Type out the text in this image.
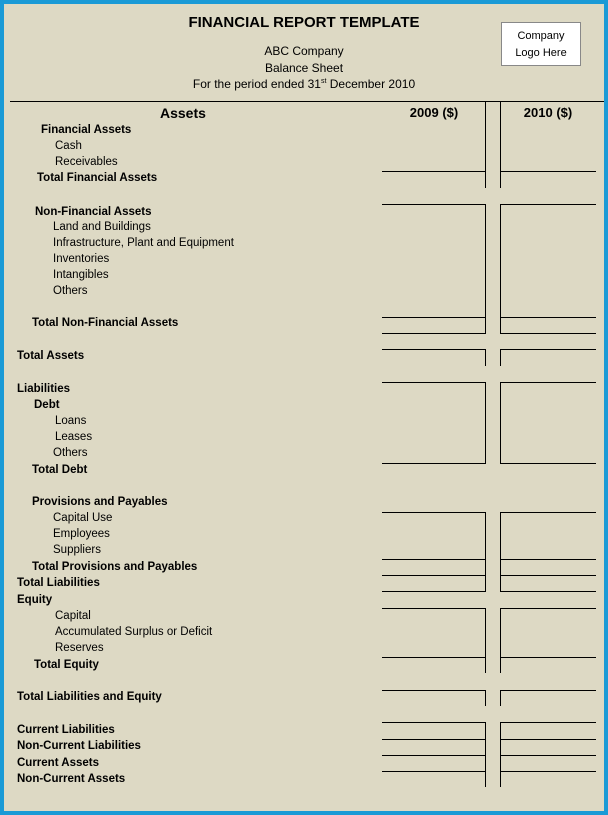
FINANCIAL REPORT TEMPLATE
ABC Company
Balance Sheet
For the period ended 31st December 2010
Company
Logo Here
Assets	2009 ($)	2010 ($)
Financial Assets
Cash
Receivables
Total Financial Assets
Non-Financial Assets
Land and Buildings
Infrastructure, Plant and Equipment
Inventories
Intangibles
Others
Total Non-Financial Assets
Total Assets
Liabilities
Debt
Loans
Leases
Others
Total Debt
Provisions and Payables
Capital Use
Employees
Suppliers
Total Provisions and Payables
Total Liabilities
Equity
Capital
Accumulated Surplus or Deficit
Reserves
Total Equity
Total Liabilities and Equity
Current Liabilities
Non-Current Liabilities
Current Assets
Non-Current Assets
